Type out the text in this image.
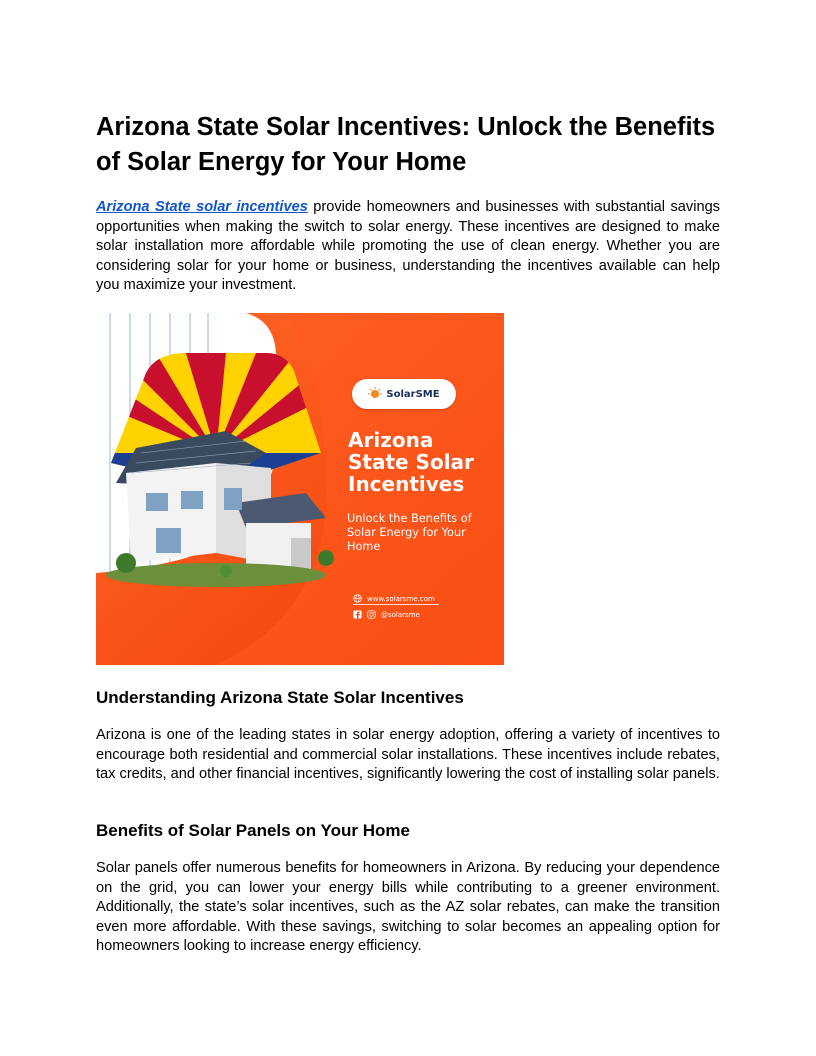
Arizona State Solar Incentives: Unlock the Benefits of Solar Energy for Your Home

Arizona State solar incentives provide homeowners and businesses with substantial savings opportunities when making the switch to solar energy. These incentives are designed to make solar installation more affordable while promoting the use of clean energy. Whether you are considering solar for your home or business, understanding the incentives available can help you maximize your investment.

SolarSME
Arizona State Solar Incentives
Unlock the Benefits of Solar Energy for Your Home
www.solarsme.com
@solarsme
Understanding Arizona State Solar Incentives

Arizona is one of the leading states in solar energy adoption, offering a variety of incentives to encourage both residential and commercial solar installations. These incentives include rebates, tax credits, and other financial incentives, significantly lowering the cost of installing solar panels.

Benefits of Solar Panels on Your Home

Solar panels offer numerous benefits for homeowners in Arizona. By reducing your dependence on the grid, you can lower your energy bills while contributing to a greener environment. Additionally, the state’s solar incentives, such as the AZ solar rebates, can make the transition even more affordable. With these savings, switching to solar becomes an appealing option for homeowners looking to increase energy efficiency.
